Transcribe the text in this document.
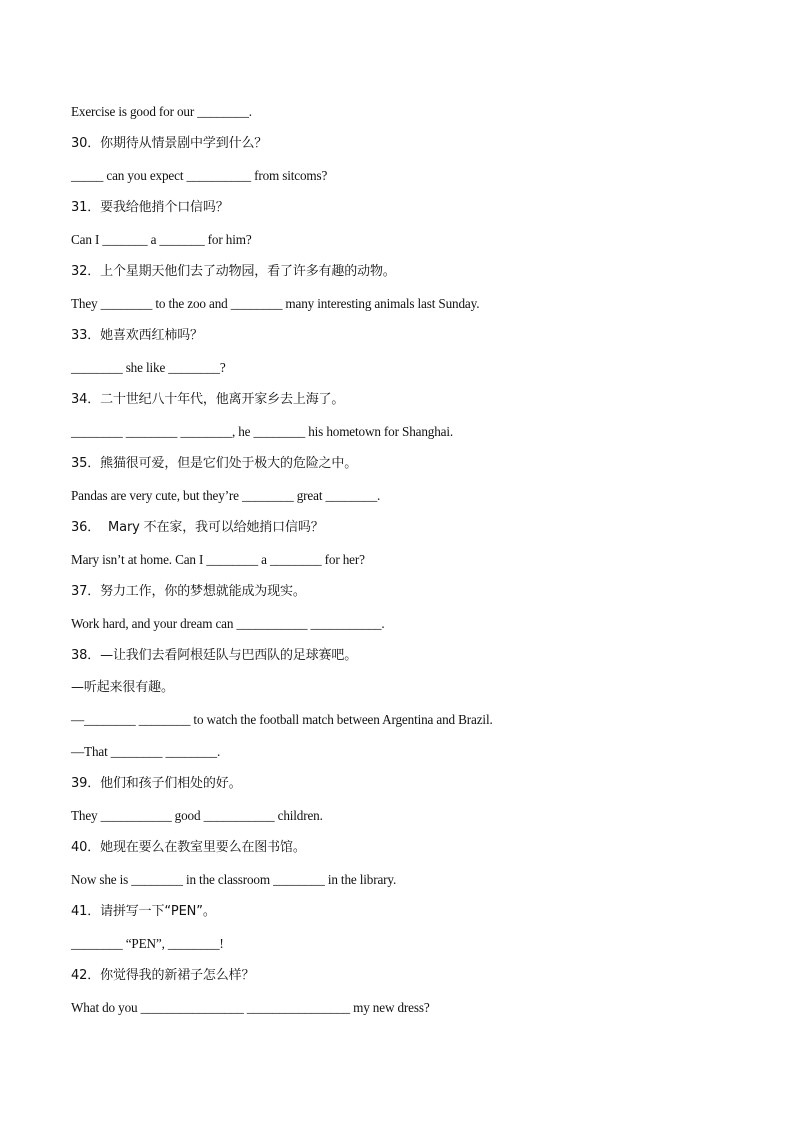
Exercise is good for our ________.
30．你期待从情景剧中学到什么？
_____ can you expect __________ from sitcoms?
31．要我给他捎个口信吗？
Can I _______ a _______ for him?
32．上个星期天他们去了动物园，看了许多有趣的动物。
They ________ to the zoo and ________ many interesting animals last Sunday.
33．她喜欢西红柿吗？
________ she like ________?
34．二十世纪八十年代，他离开家乡去上海了。
________ ________ ________, he ________ his hometown for Shanghai.
35．熊猫很可爱，但是它们处于极大的危险之中。
Pandas are very cute, but they’re ________ great ________.
36．  Mary 不在家，我可以给她捎口信吗？
Mary isn’t at home. Can I ________ a ________ for her?
37．努力工作，你的梦想就能成为现实。
Work hard, and your dream can ___________ ___________.
38．—让我们去看阿根廷队与巴西队的足球赛吧。
—听起来很有趣。
—________ ________ to watch the football match between Argentina and Brazil.
—That ________ ________.
39．他们和孩子们相处的好。
They ___________ good ___________ children.
40．她现在要么在教室里要么在图书馆。
Now she is ________ in the classroom ________ in the library.
41．请拼写一下“PEN”。
________ “PEN”, ________!
42．你觉得我的新裙子怎么样？
What do you ________________ ________________ my new dress?
